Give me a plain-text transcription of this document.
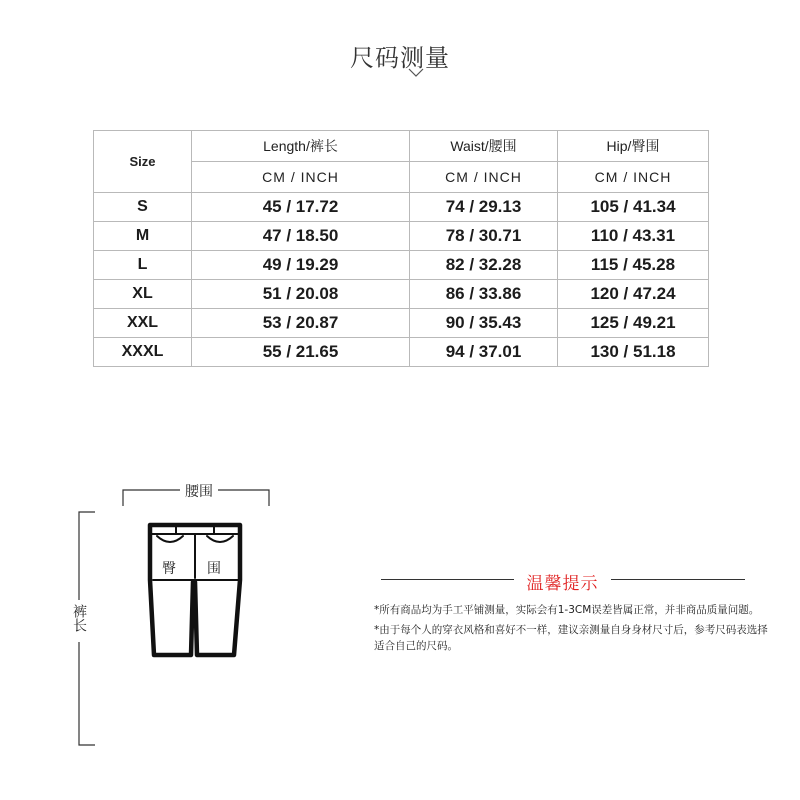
尺码测量
Size	Length/裤长	Waist/腰围	Hip/臀围
	CM / INCH	CM / INCH	CM / INCH
S	45 / 17.72	74 / 29.13	105 / 41.34
M	47 / 18.50	78 / 30.71	110 / 43.31
L	49 / 19.29	82 / 32.28	115 / 45.28
XL	51 / 20.08	86 / 33.86	120 / 47.24
XXL	53 / 20.87	90 / 35.43	125 / 49.21
XXXL	55 / 21.65	94 / 37.01	130 / 51.18
腰围
裤长
臀 围
温馨提示
*所有商品均为手工平铺测量，实际会有1-3CM误差皆属正常，并非商品质量问题。
*由于每个人的穿衣风格和喜好不一样，建议亲测量自身身材尺寸后，参考尺码表选择适合自己的尺码。
